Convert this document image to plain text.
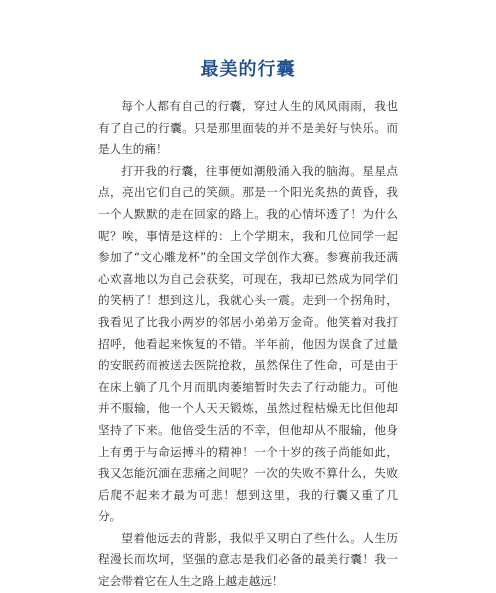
最美的行囊

每个人都有自己的行囊，穿过人生的风风雨雨，我也有了自己的行囊。只是那里面装的并不是美好与快乐。而是人生的痛！

打开我的行囊，往事便如潮般涌入我的脑海。星星点点，亮出它们自己的笑颜。那是一个阳光炙热的黄昏，我一个人默默的走在回家的路上。我的心情坏透了！为什么呢？唉，事情是这样的：上个学期末，我和几位同学一起参加了“文心雕龙杯”的全国文学创作大赛。参赛前我还满心欢喜地以为自己会获奖，可现在，我却已然成为同学们的笑柄了！想到这儿，我就心头一震。走到一个拐角时，我看见了比我小两岁的邻居小弟弟万金奇。他笑着对我打招呼，他看起来恢复的不错。半年前，他因为误食了过量的安眠药而被送去医院抢救，虽然保住了性命，可是由于在床上躺了几个月而肌肉萎缩暂时失去了行动能力。可他并不服输，他一个人天天锻炼，虽然过程枯燥无比但他却坚持了下来。他倍受生活的不幸，但他却从不服输，他身上有勇于与命运搏斗的精神！一个十岁的孩子尚能如此，我又怎能沉湎在悲痛之间呢？一次的失败不算什么，失败后爬不起来才最为可悲！想到这里，我的行囊又重了几分。

望着他远去的背影，我似乎又明白了些什么。人生历程漫长而坎坷，坚强的意志是我们必备的最美行囊！我一定会带着它在人生之路上越走越远！
